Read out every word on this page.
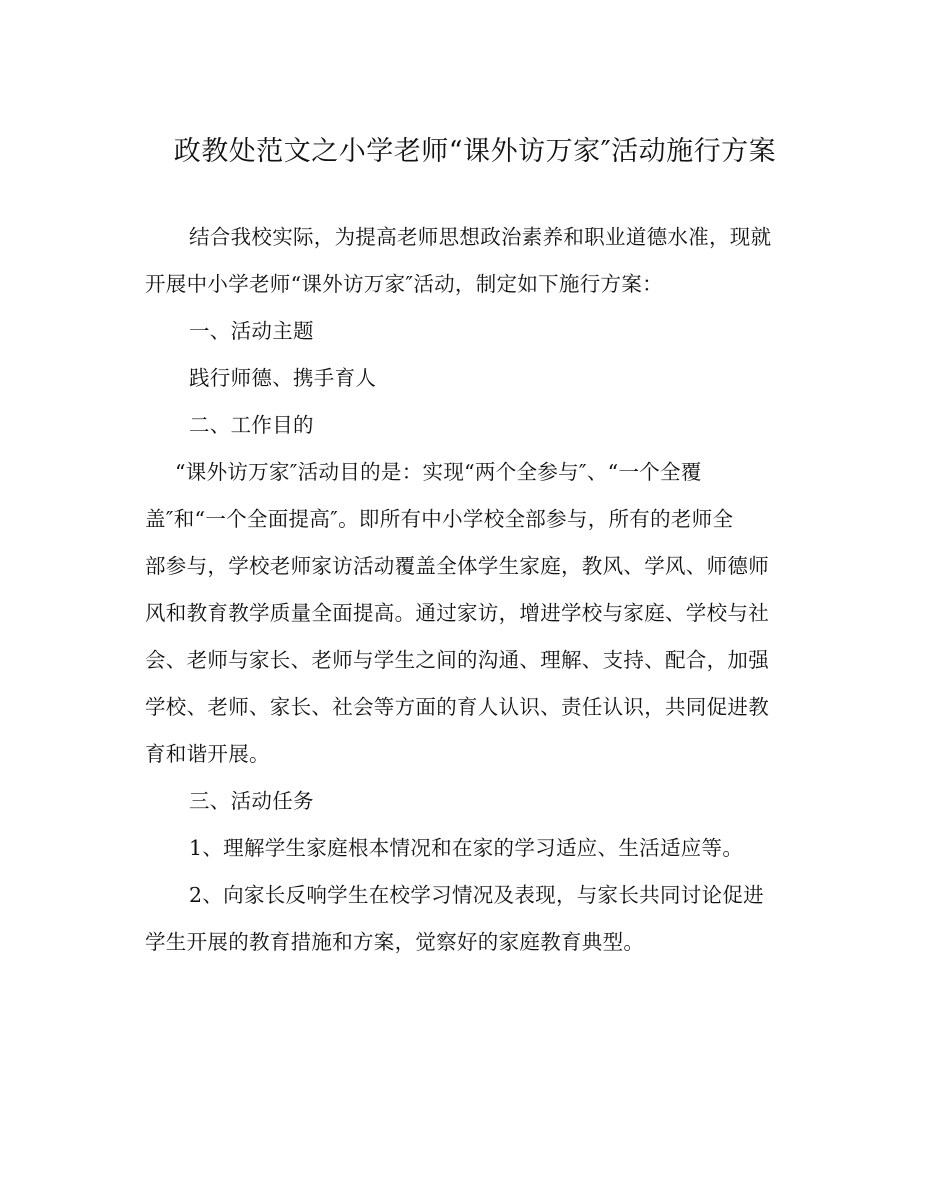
政教处范文之小学老师“课外访万家″活动施行方案
结合我校实际，为提高老师思想政治素养和职业道德水准，现就
开展中小学老师“课外访万家″活动，制定如下施行方案：
一、活动主题
践行师德、携手育人
二、工作目的
“课外访万家″活动目的是：实现“两个全参与″、“一个全覆
盖″和“一个全面提高″。即所有中小学校全部参与，所有的老师全
部参与，学校老师家访活动覆盖全体学生家庭，教风、学风、师德师
风和教育教学质量全面提高。通过家访，增进学校与家庭、学校与社
会、老师与家长、老师与学生之间的沟通、理解、支持、配合，加强
学校、老师、家长、社会等方面的育人认识、责任认识，共同促进教
育和谐开展。
三、活动任务
1、理解学生家庭根本情况和在家的学习适应、生活适应等。
2、向家长反响学生在校学习情况及表现，与家长共同讨论促进
学生开展的教育措施和方案，觉察好的家庭教育典型。
